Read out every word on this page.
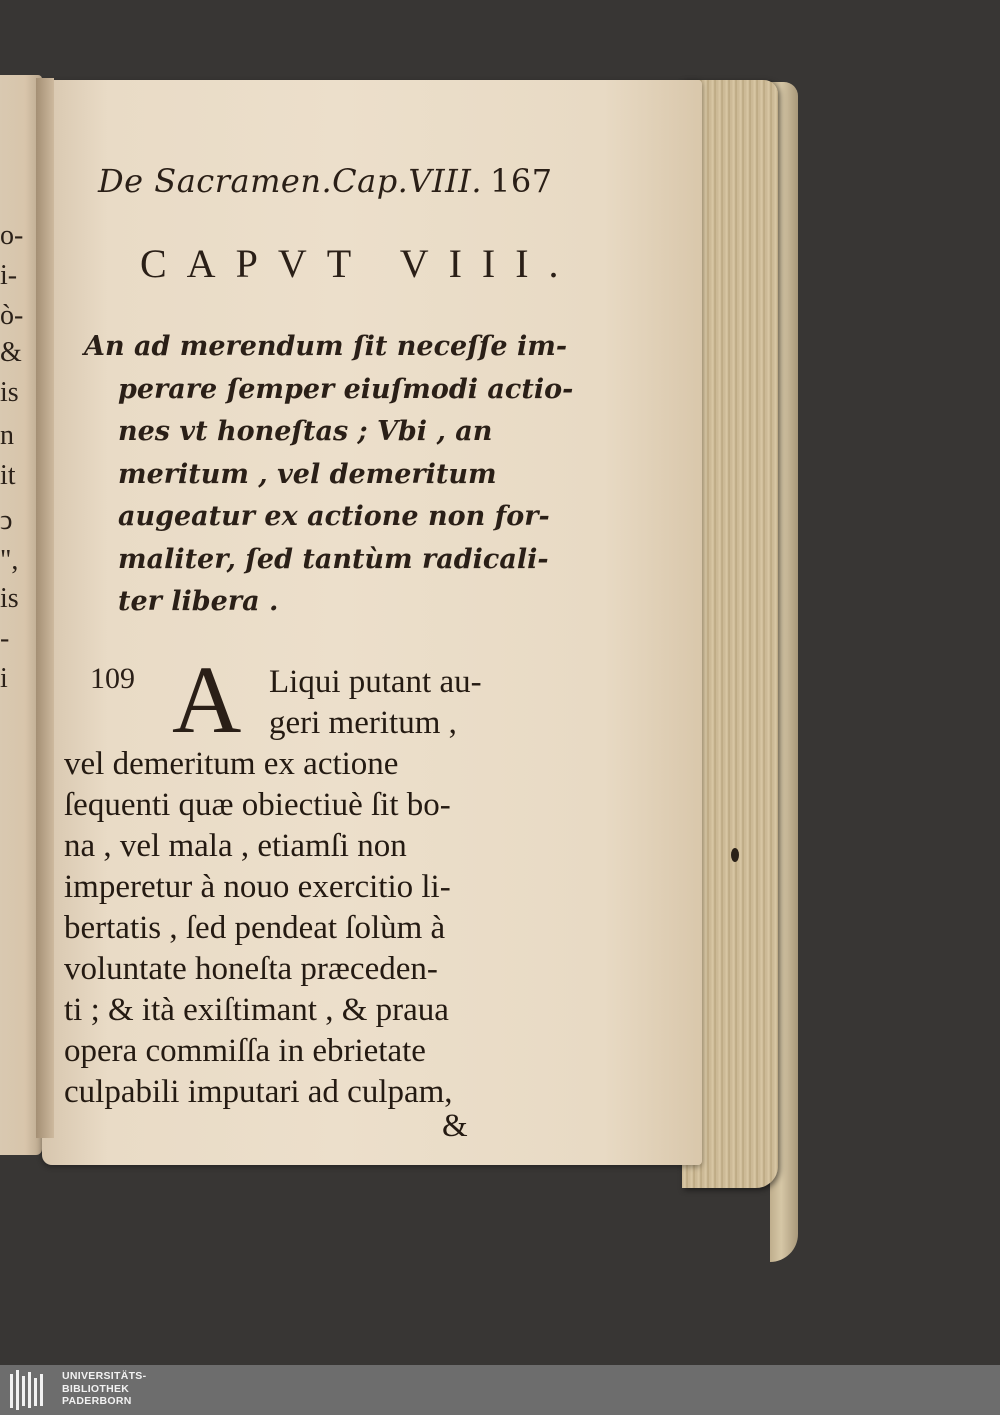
o-
i-
ò-
&
is
n
it
ↄ
",
is
-
i
De Sacramen.Cap.VIII. 167
CAPVT VIII.
An ad merendum ſit neceſſe im-
perare ſemper eiuſmodi actio-
nes vt honeſtas ; Vbi , an
meritum , vel demeritum
augeatur ex actione non for-
maliter, ſed tantùm radicali-
ter libera .
109 A Liqui putant au-
geri meritum ,
vel demeritum ex actione
ſequenti quæ obiectiuè ſit bo-
na , vel mala , etiamſi non
imperetur à nouo exercitio li-
bertatis , ſed pendeat ſolùm à
voluntate honeſta præceden-
ti ; & ità exiſtimant , & praua
opera commiſſa in ebrietate
culpabili imputari ad culpam,
&
UNIVERSITÄTS-
BIBLIOTHEK
PADERBORN
